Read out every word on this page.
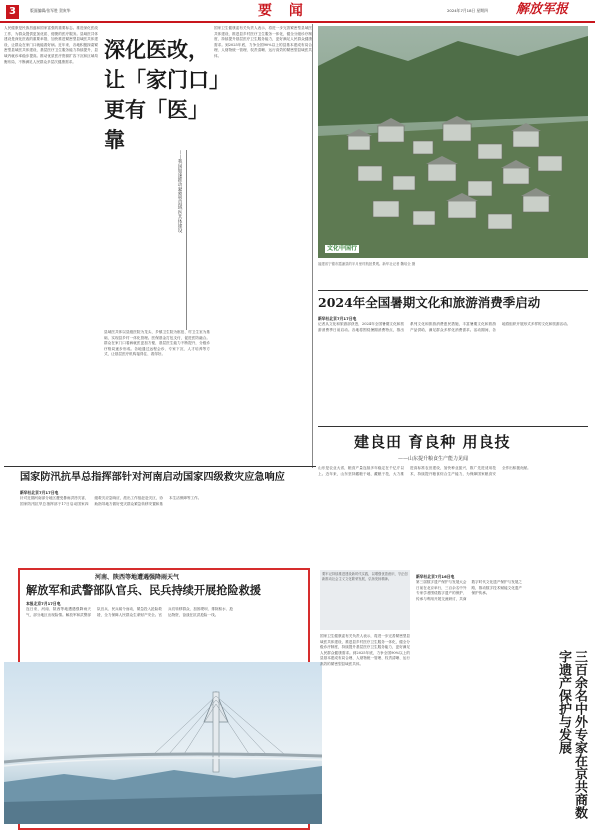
3	版面编辑/张军胜 贺寅华	要 闻	2024年7月18日 星期四 解放军报
人民健康是民族昌盛和国家富强的重要标志。推进深化医改工作，为群众提供更加优质、便捷的医疗服务。县域医共体建设是深化医改的重要举措，加快推进紧密型县域医共体建设，让群众在家门口就能看好病。近年来，各地积极探索紧密型县域医共体建设，基层医疗卫生服务能力持续提升，县域内就诊率稳步提高。推动优质医疗资源扩容下沉和区域均衡布局，不断满足人民群众多层次健康需求。	深化医改，让「家门口」更有「医」靠
——我国加速推动紧密型县域医共体建设
县域医共体以县级医院为龙头、乡镇卫生院为枢纽、村卫生室为基础，实现县乡村一体化管理。医保基金打包支付，促进医防融合。群众在家门口看病就医更加方便，基层医生能力不断提升，分级诊疗格局逐步形成。各地通过远程会诊、专家下沉、人才培养等方式，让基层医疗机构接得住、看得好。
国家卫生健康委有关负责人表示，将进一步完善紧密型县域医共体建设，推进县乡村医疗卫生服务一体化，健全分级诊疗制度，持续提升基层医疗卫生服务能力，更好满足人民群众健康需求。到2025年底，力争全国90%以上的县基本建成布局合理、人财物统一管理、权责清晰、运行高效的紧密型县域医共体。
文化中国行
福建省宁德市霞浦县的半月里村航拍景观。新华社记者 魏培全 摄
2024年全国暑期文化和旅游消费季启动
新华社北京7月17日电
记者从文化和旅游部获悉，2024年全国暑期文化和旅游消费季日前启动。各地将围绕暑期消费特点，推出系列文化和旅游消费惠民措施，丰富暑期文化和旅游产品供给，满足群众多样化消费需求。活动期间，各地将组织开展形式多样的文化和旅游活动。
建良田 育良种 用良技
——山东提升粮食生产能力见闻
山东是农业大省，粮食产量连续多年稳定在千亿斤以上。近年来，山东坚持藏粮于地、藏粮于技，大力推进高标准农田建设，加快种业振兴，推广先进适用技术，持续提升粮食综合生产能力，为保障国家粮食安全作出积极贡献。
国家防汛抗旱总指挥部针对河南启动国家四级救灾应急响应
新华社北京7月17日电
针对近期河南部分地区遭受暴雨洪涝灾害，国家防汛抗旱总指挥部于17日启动国家四级救灾应急响应，派出工作组赶赴灾区，协助指导地方做好受灾群众紧急转移安置和基本生活保障等工作。
河南、陕西等地遭遇强降雨天气
解放军和武警部队官兵、民兵持续开展抢险救援
本报北京7月17日电
连日来，河南、陕西等地遭遇强降雨天气，部分地区出现险情。解放军和武警部队官兵、民兵闻令而动，紧急投入抢险救援，全力保障人民群众生命财产安全。官兵们转移群众、加固堤坝、排除积水、抢运物资，奋战在抗洪抢险一线。
要牢记持续推进建设新时代实践，以增强忧患意识、守正创新推动社会主义文化繁荣发展，弘扬发扬精神。	新华社北京7月16日电
第三届数字遗产保护与发展大会日前在北京举行，三百余名中外专家学者围绕数字遗产的保护、传承与利用开展交流研讨，共商数字时代文化遗产保护与发展之路，推动数字技术赋能文化遗产保护传承。
国家卫生健康委有关负责人表示，将进一步完善紧密型县域医共体建设，推进县乡村医疗卫生服务一体化，健全分级诊疗制度，持续提升基层医疗卫生服务能力，更好满足人民群众健康需求。到2025年底，力争全国90%以上的县基本建成布局合理、人财物统一管理、权责清晰、运行高效的紧密型县域医共体。	三百余名中外专家在京共商数字遗产保护与发展
